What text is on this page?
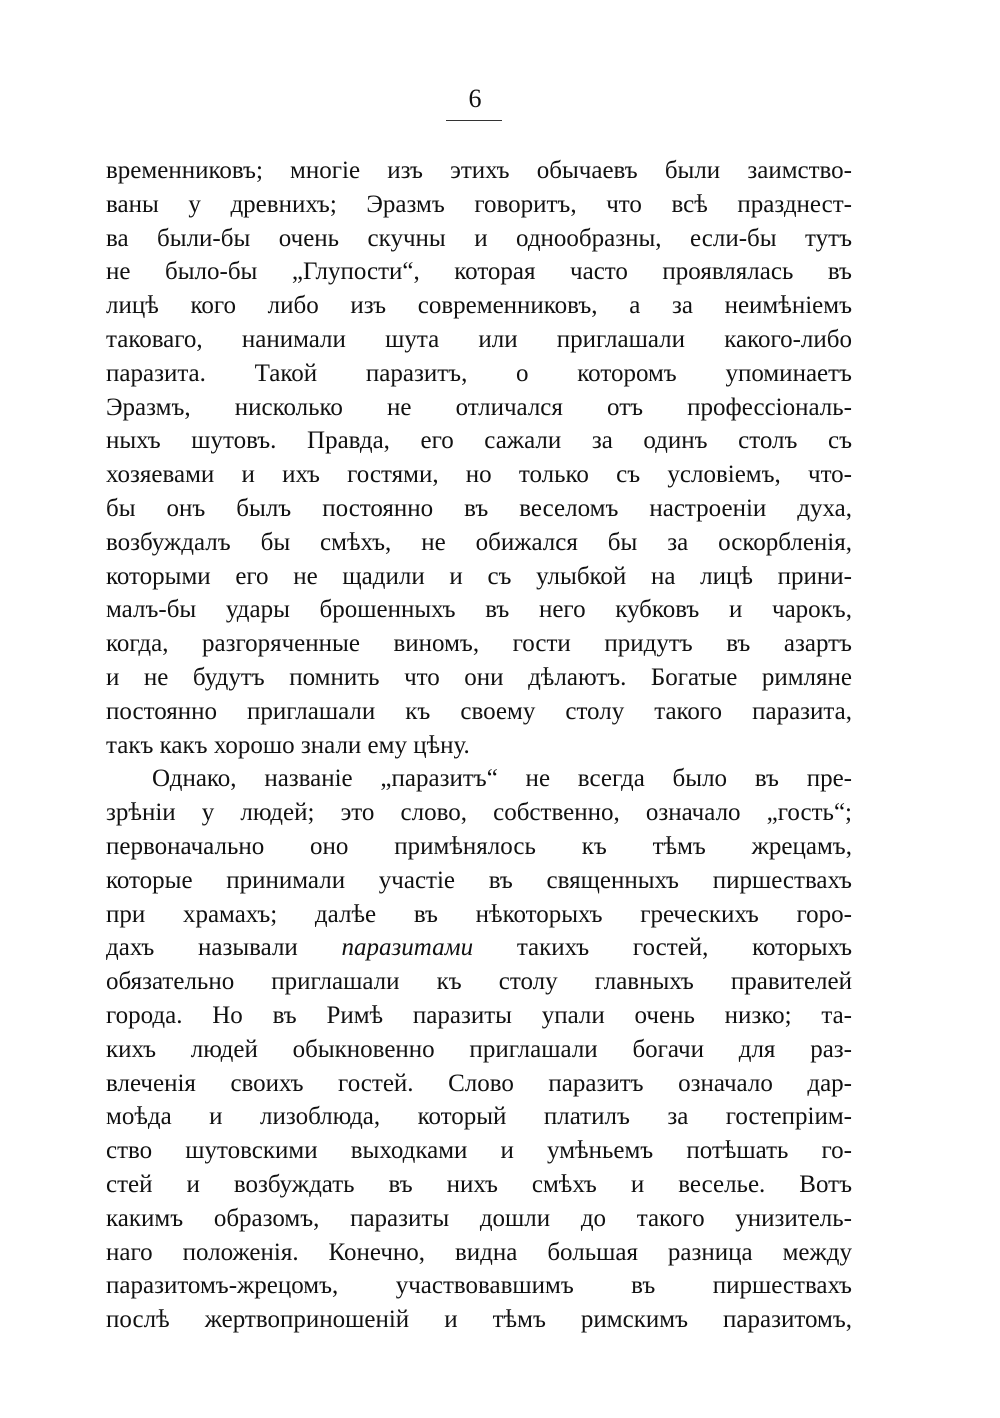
6
временниковъ; многіе изъ этихъ обычаевъ были заимство-
ваны у древнихъ; Эразмъ говоритъ, что всѣ празднест-
ва были-бы очень скучны и однообразны, если-бы тутъ
не было-бы „Глупости“, которая часто проявлялась въ
лицѣ кого либо изъ современниковъ, а за неимѣніемъ
таковаго, нанимали шута или приглашали какого-либо
паразита. Такой паразитъ, о которомъ упоминаетъ
Эразмъ, нисколько не отличался отъ профессіональ-
ныхъ шутовъ. Правда, его сажали за одинъ столъ съ
хозяевами и ихъ гостями, но только съ условіемъ, что-
бы онъ былъ постоянно въ веселомъ настроеніи духа,
возбуждалъ бы смѣхъ, не обижался бы за оскорбленія,
которыми его не щадили и съ улыбкой на лицѣ прини-
малъ-бы удары брошенныхъ въ него кубковъ и чарокъ,
когда, разгоряченные виномъ, гости придутъ въ азартъ
и не будутъ помнить что они дѣлаютъ. Богатые римляне
постоянно приглашали къ своему столу такого паразита,
такъ какъ хорошо знали ему цѣну.
Однако, названіе „паразитъ“ не всегда было въ пре-
зрѣніи у людей; это слово, собственно, означало „гость“;
первоначально оно примѣнялось къ тѣмъ жрецамъ,
которые принимали участіе въ священныхъ пиршествахъ
при храмахъ; далѣе въ нѣкоторыхъ греческихъ горо-
дахъ называли паразитами такихъ гостей, которыхъ
обязательно приглашали къ столу главныхъ правителей
города. Но въ Римѣ паразиты упали очень низко; та-
кихъ людей обыкновенно приглашали богачи для раз-
влеченія своихъ гостей. Слово паразитъ означало дар-
моѣда и лизоблюда, который платилъ за гостепріим-
ство шутовскими выходками и умѣньемъ потѣшать го-
стей и возбуждать въ нихъ смѣхъ и веселье. Вотъ
какимъ образомъ, паразиты дошли до такого унизитель-
наго положенія. Конечно, видна большая разница между
паразитомъ-жрецомъ, участвовавшимъ въ пиршествахъ
послѣ жертвоприношеній и тѣмъ римскимъ паразитомъ,
